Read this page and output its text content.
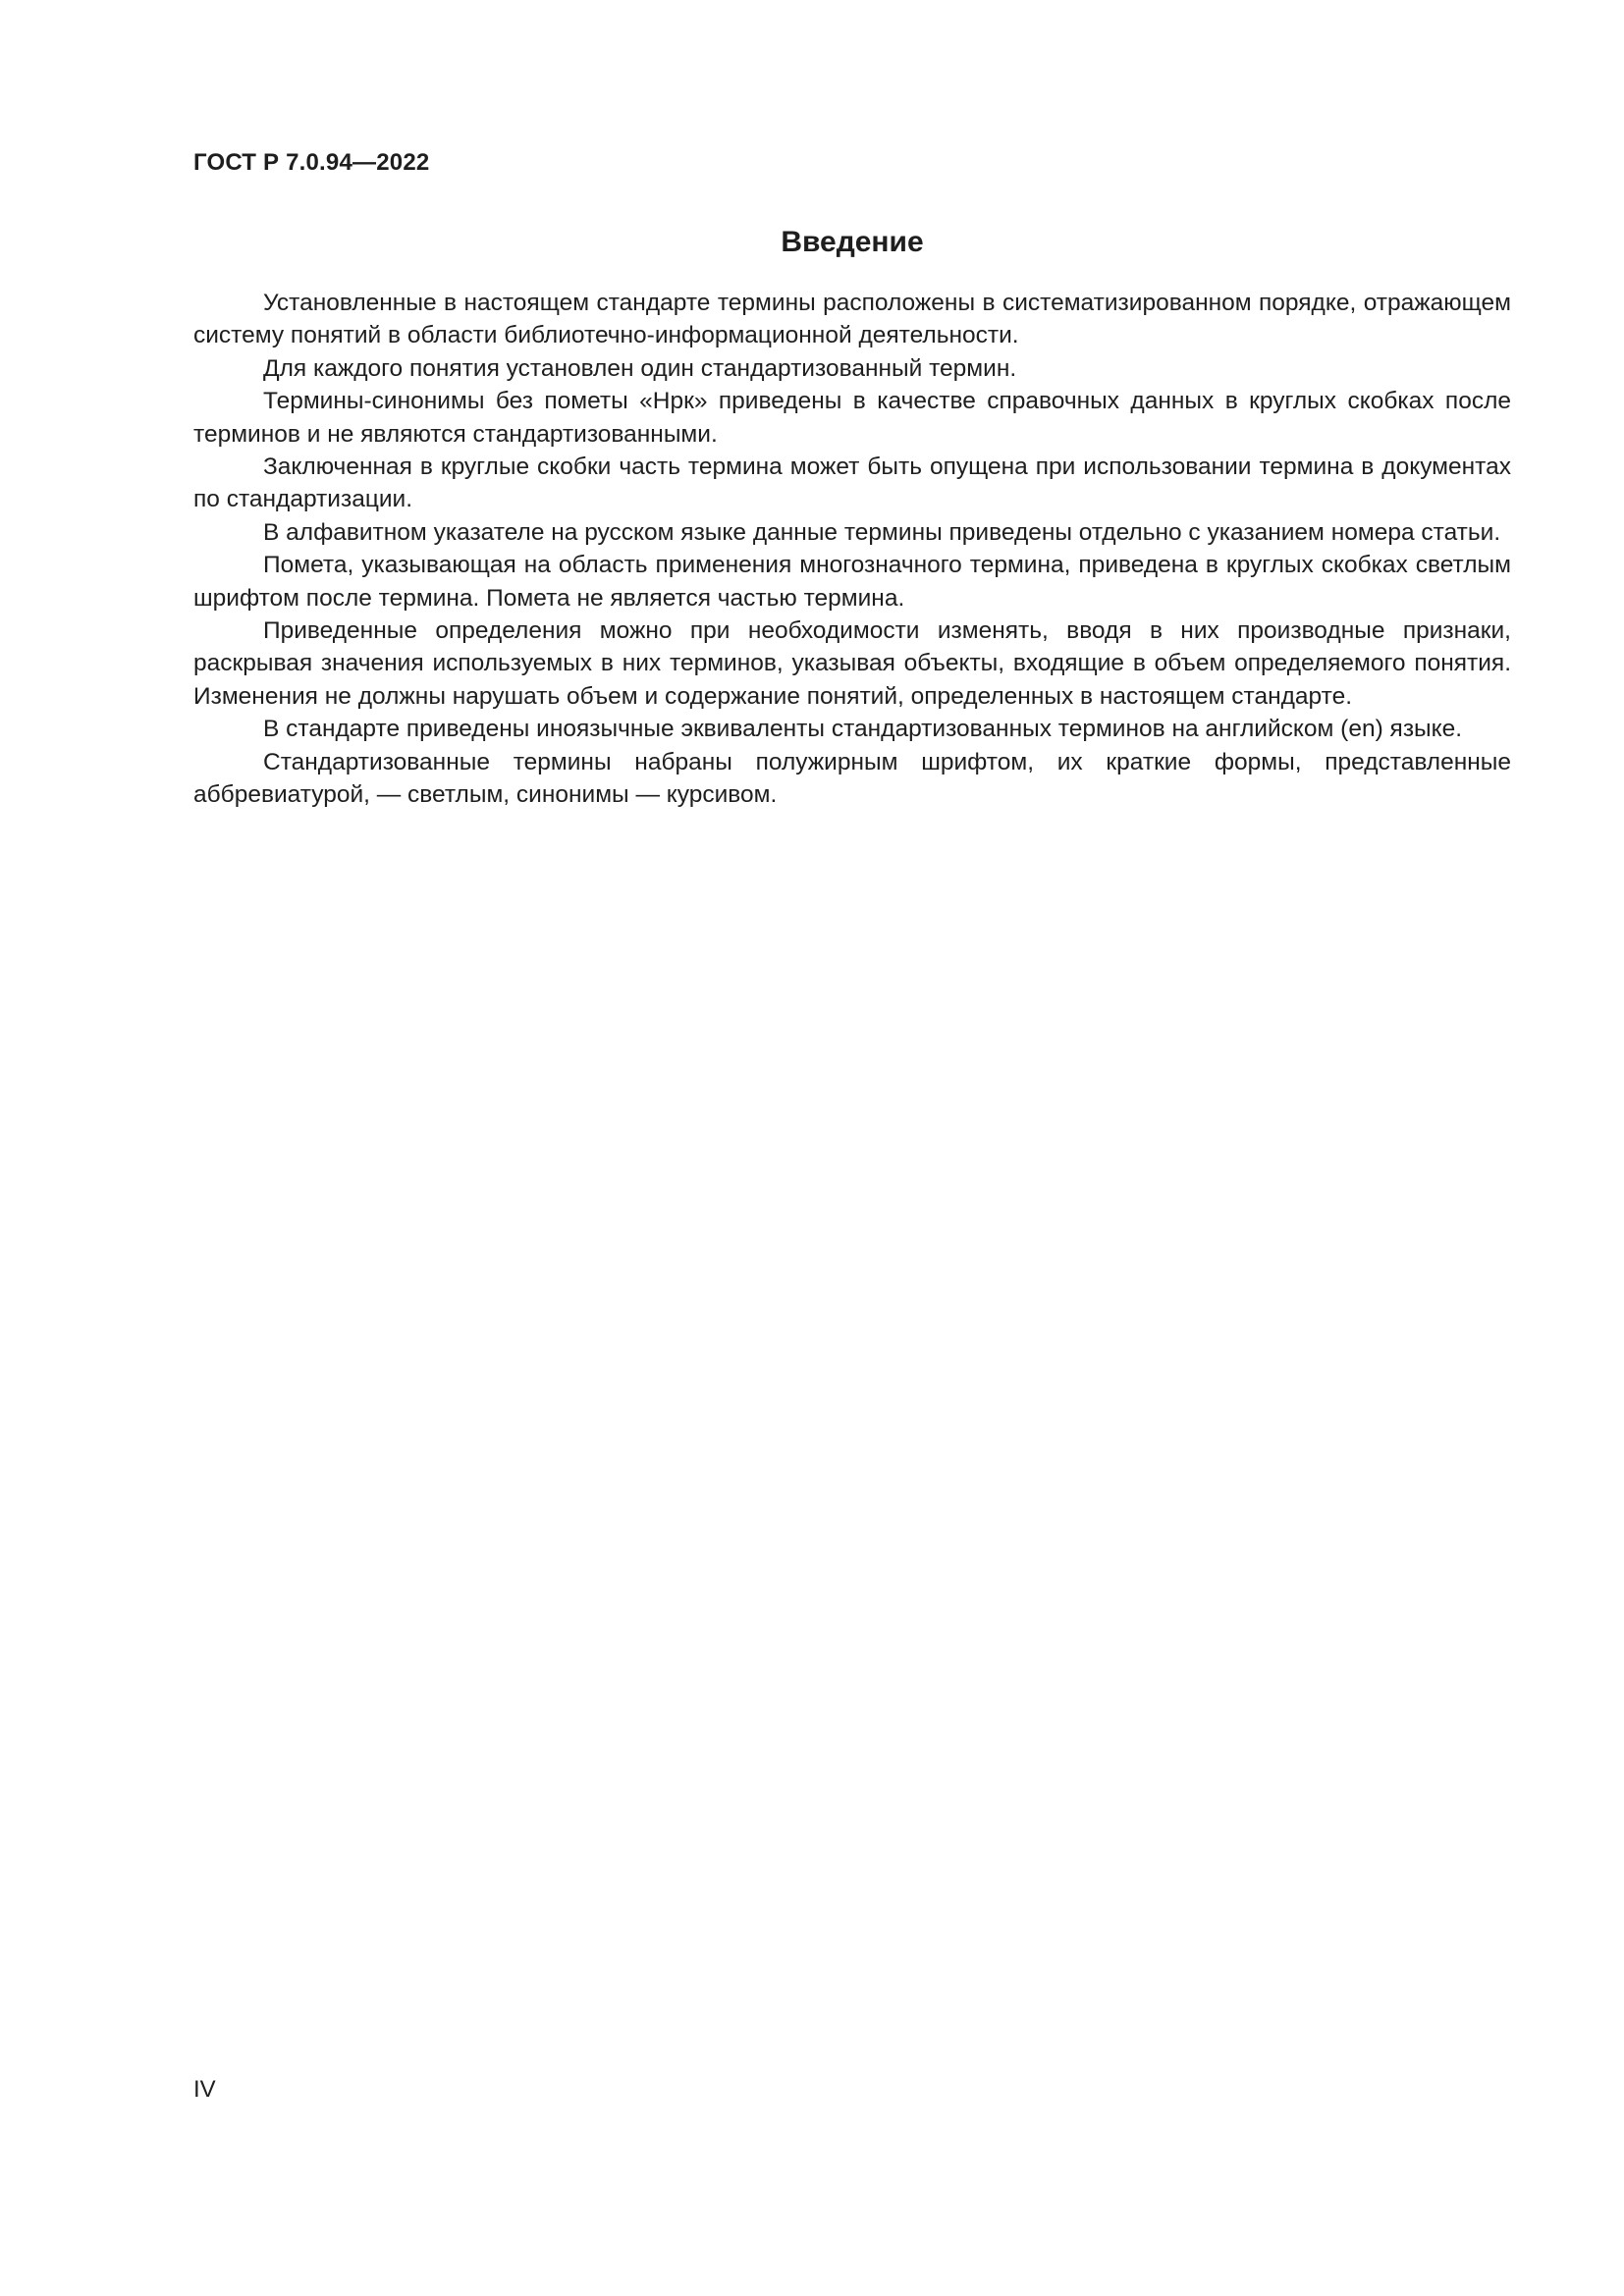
ГОСТ Р 7.0.94—2022
Введение

Установленные в настоящем стандарте термины расположены в систематизированном порядке, отражающем систему понятий в области библиотечно-информационной деятельности.

Для каждого понятия установлен один стандартизованный термин.

Термины-синонимы без пометы «Нрк» приведены в качестве справочных данных в круглых скобках после терминов и не являются стандартизованными.

Заключенная в круглые скобки часть термина может быть опущена при использовании термина в документах по стандартизации.

В алфавитном указателе на русском языке данные термины приведены отдельно с указанием номера статьи.

Помета, указывающая на область применения многозначного термина, приведена в круглых скобках светлым шрифтом после термина. Помета не является частью термина.

Приведенные определения можно при необходимости изменять, вводя в них производные признаки, раскрывая значения используемых в них терминов, указывая объекты, входящие в объем определяемого понятия. Изменения не должны нарушать объем и содержание понятий, определенных в настоящем стандарте.

В стандарте приведены иноязычные эквиваленты стандартизованных терминов на английском (en) языке.

Стандартизованные термины набраны полужирным шрифтом, их краткие формы, представленные аббревиатурой, — светлым, синонимы — курсивом.

IV
